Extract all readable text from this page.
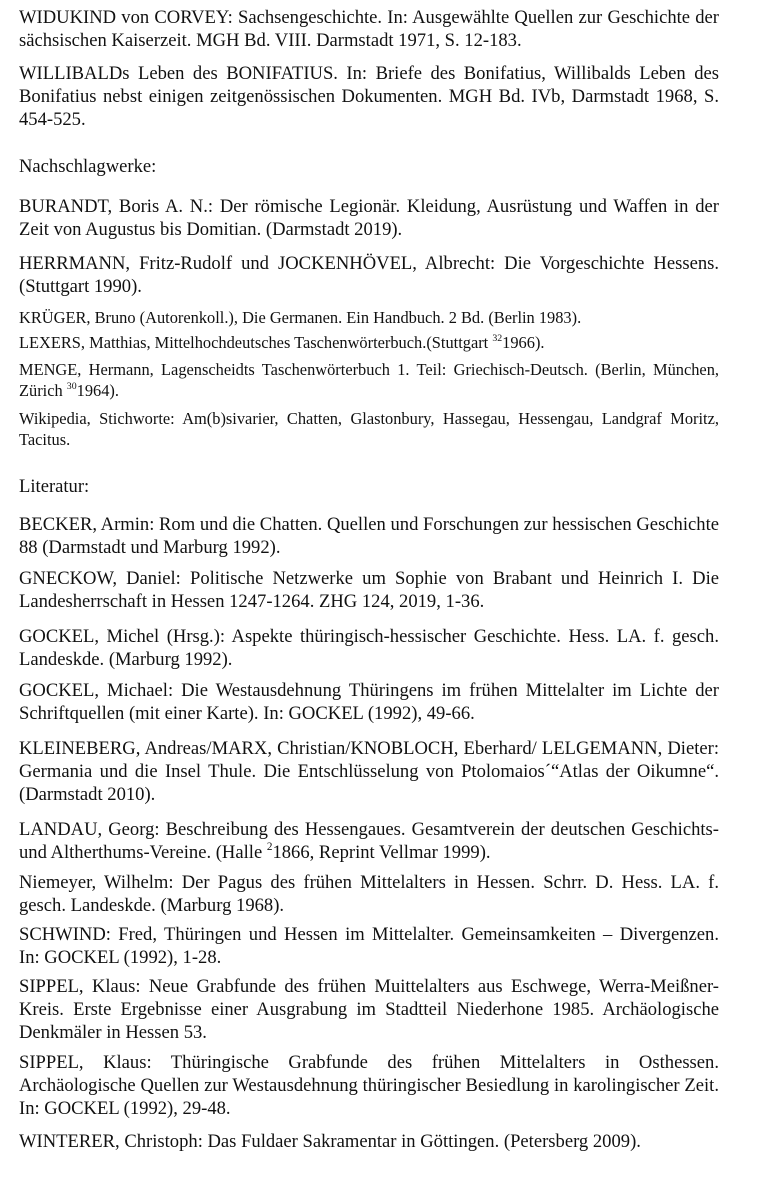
WIDUKIND von CORVEY: Sachsengeschichte. In: Ausgewählte Quellen zur Geschichte der sächsischen Kaiserzeit. MGH Bd. VIII. Darmstadt 1971, S. 12-183.

WILLIBALDs Leben des BONIFATIUS. In: Briefe des Bonifatius, Willibalds Leben des Bonifatius nebst einigen zeitgenössischen Dokumenten. MGH Bd. IVb, Darmstadt 1968, S. 454-525.

Nachschlagwerke:

BURANDT, Boris A. N.: Der römische Legionär. Kleidung, Ausrüstung und Waffen in der Zeit von Augustus bis Domitian. (Darmstadt 2019).

HERRMANN, Fritz-Rudolf und JOCKENHÖVEL, Albrecht: Die Vorgeschichte Hessens. (Stuttgart 1990).

KRÜGER, Bruno (Autorenkoll.), Die Germanen. Ein Handbuch. 2 Bd. (Berlin 1983).

LEXERS, Matthias, Mittelhochdeutsches Taschenwörterbuch.(Stuttgart $^{32}$1966).

MENGE, Hermann, Lagenscheidts Taschenwörterbuch 1. Teil: Griechisch-Deutsch. (Berlin, München, Zürich $^{30}$1964).

Wikipedia, Stichworte: Am(b)sivarier, Chatten, Glastonbury, Hassegau, Hessengau, Landgraf Moritz, Tacitus.

Literatur:

BECKER, Armin: Rom und die Chatten. Quellen und Forschungen zur hessischen Geschichte 88 (Darmstadt und Marburg 1992).

GNECKOW, Daniel: Politische Netzwerke um Sophie von Brabant und Heinrich I. Die Landesherrschaft in Hessen 1247-1264. ZHG 124, 2019, 1-36.

GOCKEL, Michel (Hrsg.): Aspekte thüringisch-hessischer Geschichte. Hess. LA. f. gesch. Landeskde. (Marburg 1992).

GOCKEL, Michael: Die Westausdehnung Thüringens im frühen Mittelalter im Lichte der Schriftquellen (mit einer Karte). In: GOCKEL (1992), 49-66.

KLEINEBERG, Andreas/MARX, Christian/KNOBLOCH, Eberhard/ LELGEMANN, Dieter: Germania und die Insel Thule. Die Entschlüsselung von Ptolomaios´“Atlas der Oikumne“. (Darmstadt 2010).

LANDAU, Georg: Beschreibung des Hessengaues. Gesamtverein der deutschen Geschichts- und Altherthums-Vereine. (Halle $^2$1866, Reprint Vellmar 1999).

Niemeyer, Wilhelm: Der Pagus des frühen Mittelalters in Hessen. Schrr. D. Hess. LA. f. gesch. Landeskde. (Marburg 1968).

SCHWIND: Fred, Thüringen und Hessen im Mittelalter. Gemeinsamkeiten – Divergenzen. In: GOCKEL (1992), 1-28.

SIPPEL, Klaus: Neue Grabfunde des frühen Muittelalters aus Eschwege, Werra-Meißner-Kreis. Erste Ergebnisse einer Ausgrabung im Stadtteil Niederhone 1985. Archäologische Denkmäler in Hessen 53.

SIPPEL, Klaus: Thüringische Grabfunde des frühen Mittelalters in Osthessen. Archäologische Quellen zur Westausdehnung thüringischer Besiedlung in karolingischer Zeit. In: GOCKEL (1992), 29-48.

WINTERER, Christoph: Das Fuldaer Sakramentar in Göttingen. (Petersberg 2009).
